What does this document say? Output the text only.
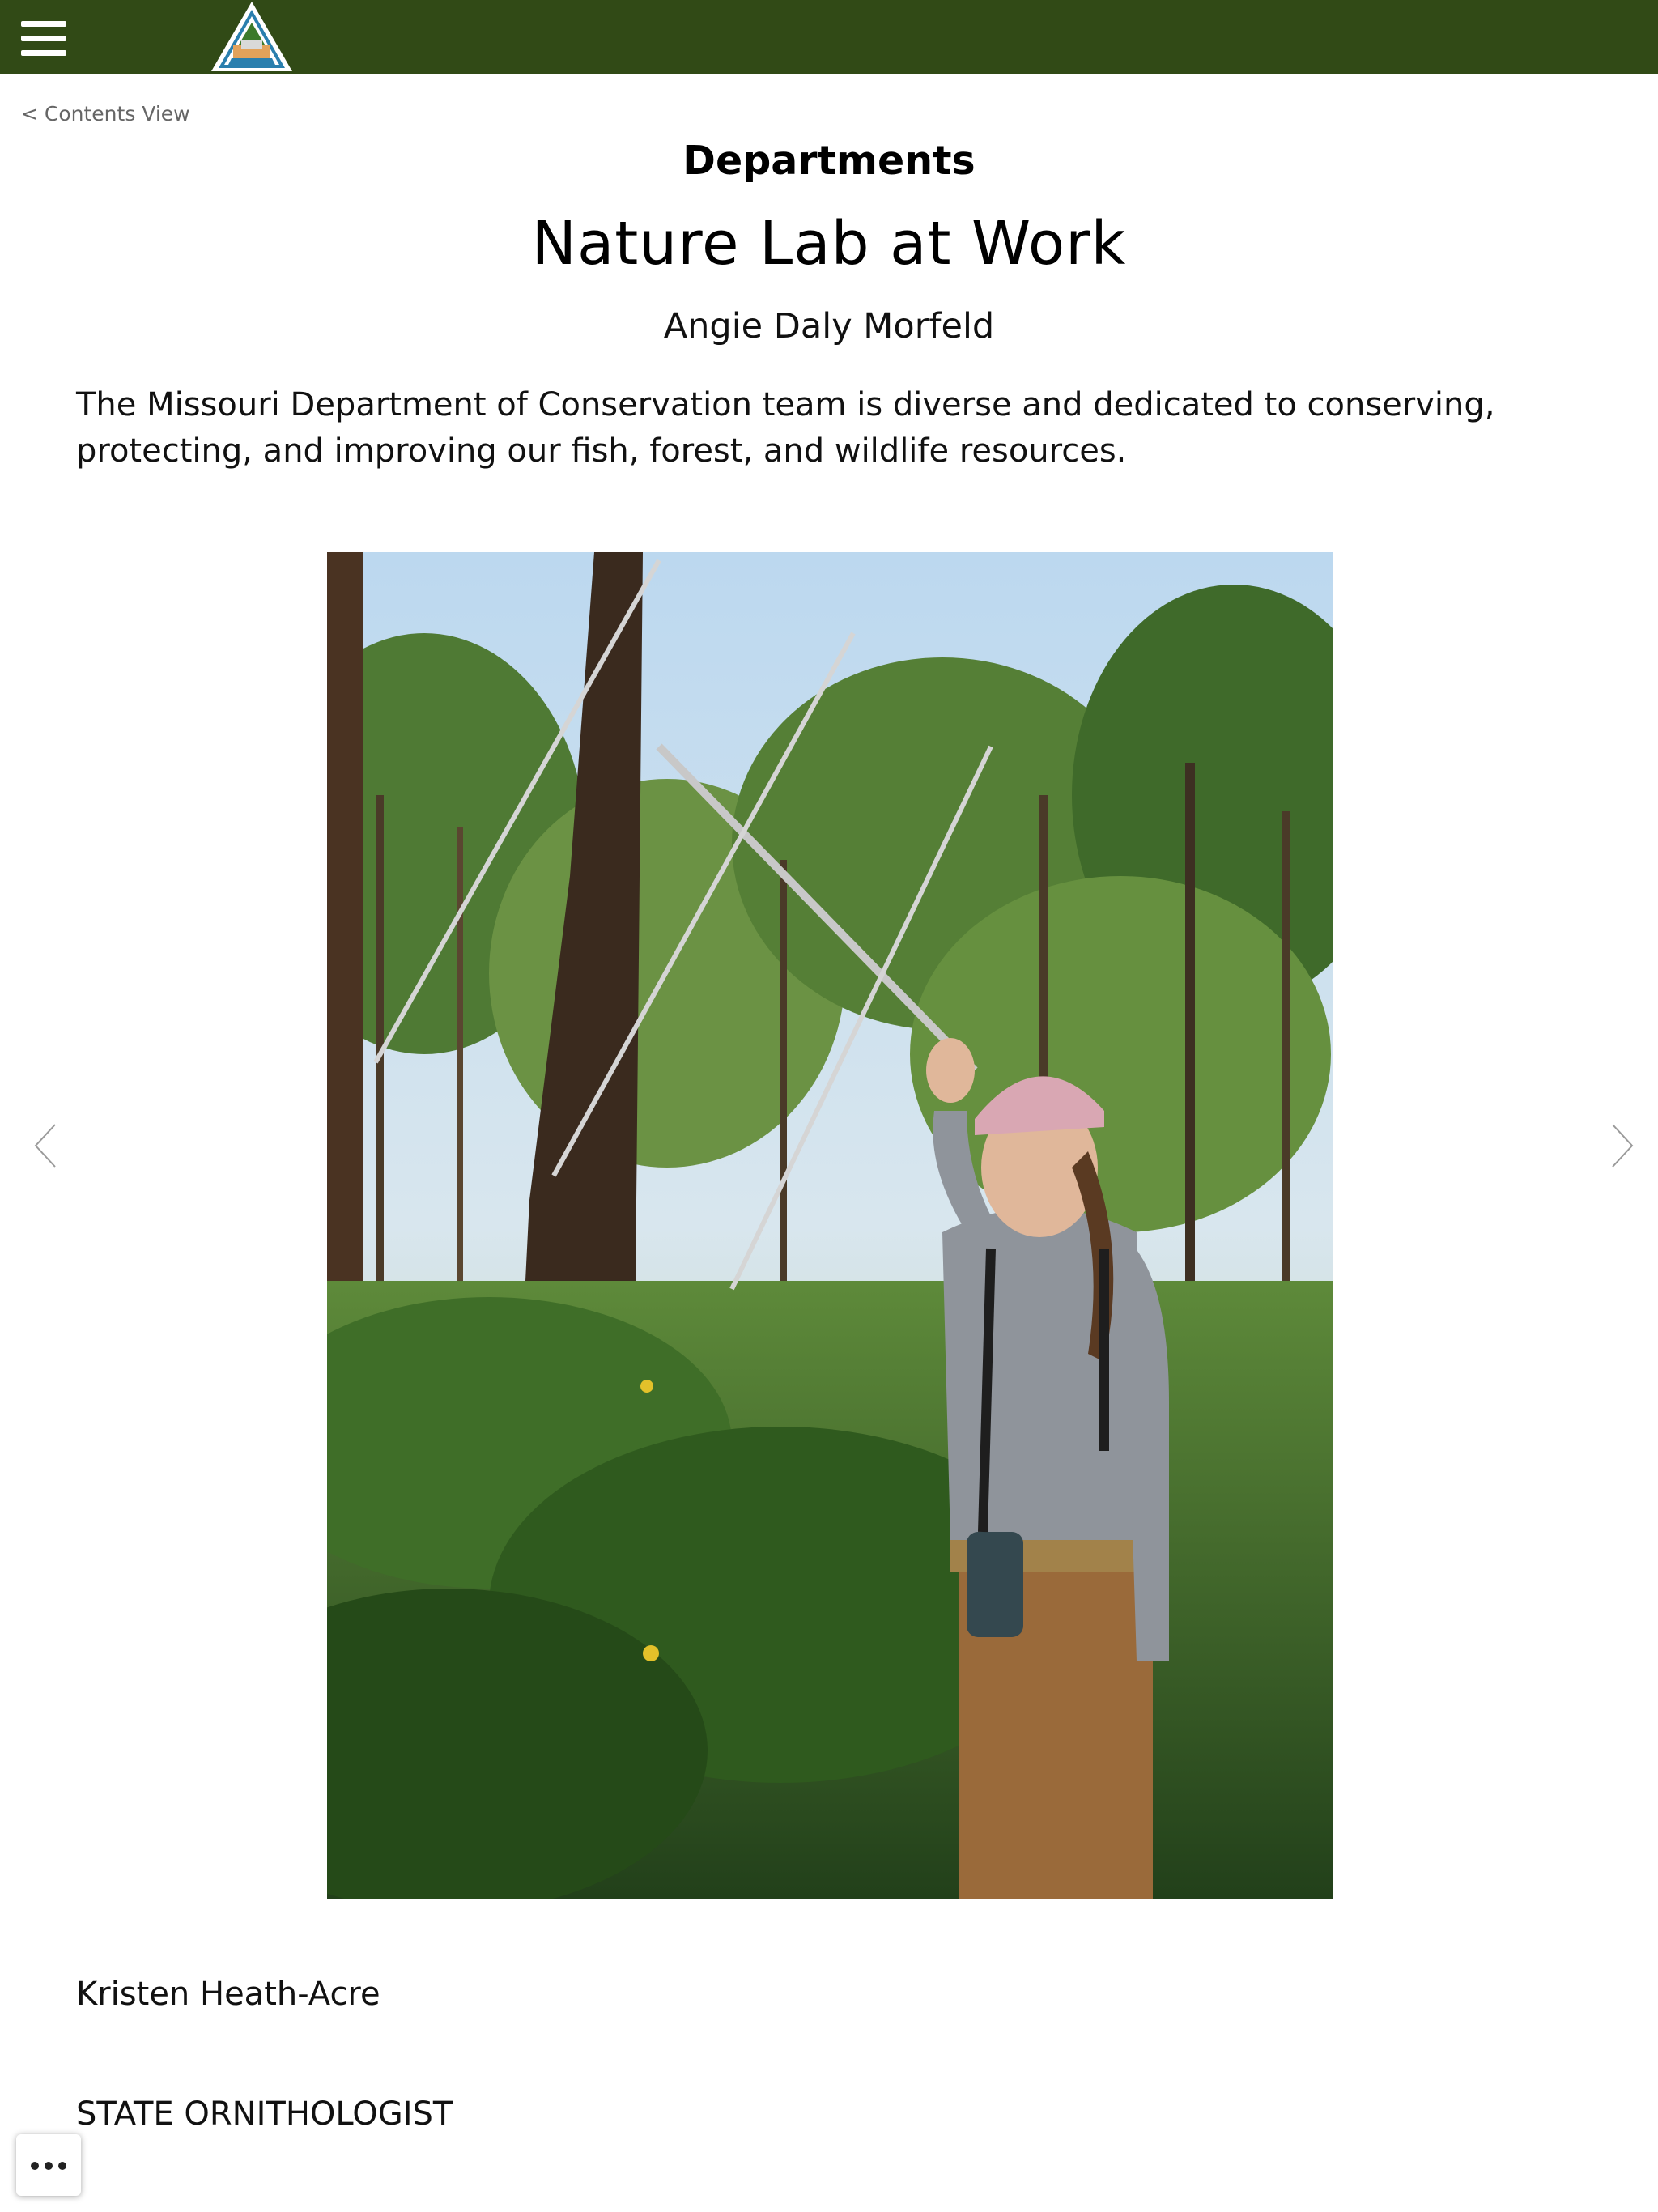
< Contents View
Departments
Nature Lab at Work
Angie Daly Morfeld
The Missouri Department of Conservation team is diverse and dedicated to conserving, protecting, and improving our fish, forest, and wildlife resources.
Kristen Heath-Acre
STATE ORNITHOLOGIST
